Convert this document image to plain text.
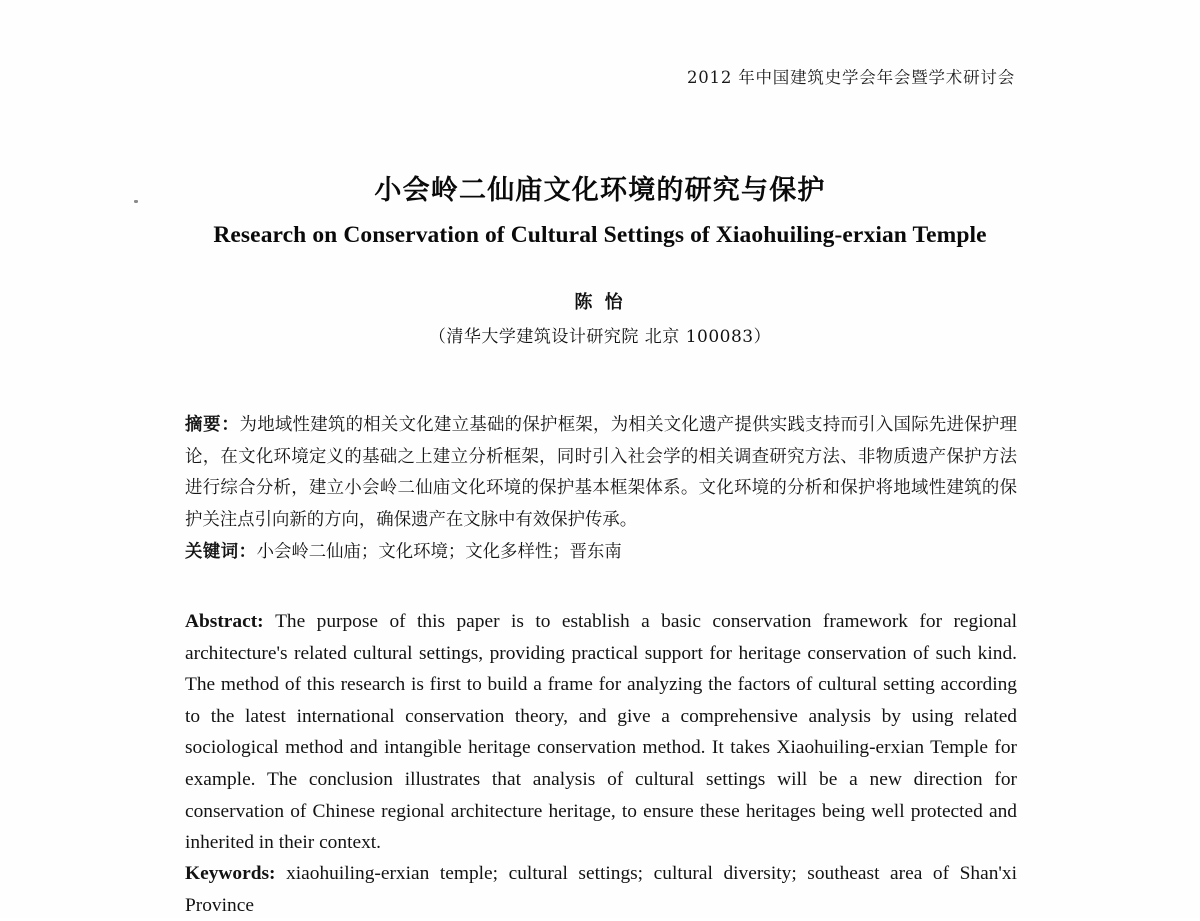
2012 年中国建筑史学会年会暨学术研讨会
小会岭二仙庙文化环境的研究与保护
Research on Conservation of Cultural Settings of Xiaohuiling-erxian Temple
陈 怡
（清华大学建筑设计研究院 北京 100083）
摘要：为地域性建筑的相关文化建立基础的保护框架，为相关文化遗产提供实践支持而引入国际先进保护理论，在文化环境定义的基础之上建立分析框架，同时引入社会学的相关调查研究方法、非物质遗产保护方法进行综合分析，建立小会岭二仙庙文化环境的保护基本框架体系。文化环境的分析和保护将地域性建筑的保护关注点引向新的方向，确保遗产在文脉中有效保护传承。
关键词：小会岭二仙庙；文化环境；文化多样性；晋东南
Abstract: The purpose of this paper is to establish a basic conservation framework for regional architecture's related cultural settings, providing practical support for heritage conservation of such kind. The method of this research is first to build a frame for analyzing the factors of cultural setting according to the latest international conservation theory, and give a comprehensive analysis by using related sociological method and intangible heritage conservation method. It takes Xiaohuiling-erxian Temple for example. The conclusion illustrates that analysis of cultural settings will be a new direction for conservation of Chinese regional architecture heritage, to ensure these heritages being well protected and inherited in their context.
Keywords: xiaohuiling-erxian temple; cultural settings; cultural diversity; southeast area of Shan'xi Province
